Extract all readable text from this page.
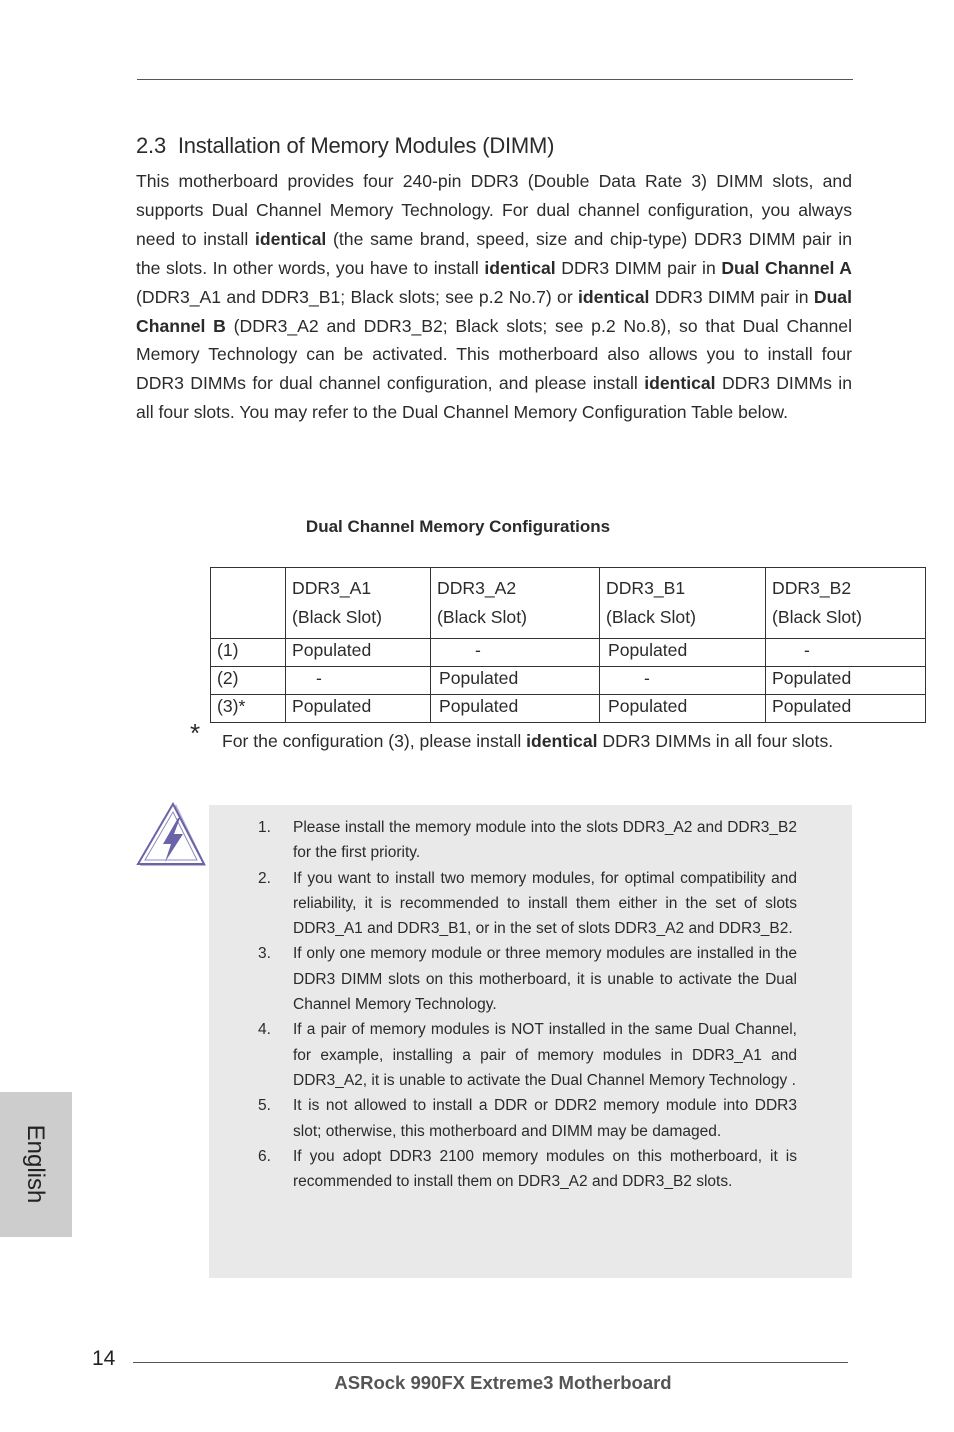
2.3 Installation of Memory Modules (DIMM)

This motherboard provides four 240-pin DDR3 (Double Data Rate 3) DIMM slots, and supports Dual Channel Memory Technology. For dual channel configuration, you always need to install identical (the same brand, speed, size and chip-type) DDR3 DIMM pair in the slots. In other words, you have to install identical DDR3 DIMM pair in Dual Channel A (DDR3_A1 and DDR3_B1; Black slots; see p.2 No.7) or identical DDR3 DIMM pair in Dual Channel B (DDR3_A2 and DDR3_B2; Black slots; see p.2 No.8), so that Dual Channel Memory Technology can be activated. This motherboard also allows you to install four DDR3 DIMMs for dual channel configuration, and please install identical DDR3 DIMMs in all four slots. You may refer to the Dual Channel Memory Configuration Table below.

Dual Channel Memory Configurations
	DDR3_A1
(Black Slot)	DDR3_A2
(Black Slot)	DDR3_B1
(Black Slot)	DDR3_B2
(Black Slot)
(1)	Populated	-	Populated	-
(2)	-	Populated	-	Populated
(3)*	Populated	Populated	Populated	Populated
* For the configuration (3), please install identical DDR3 DIMMs in all four slots.

1. Please install the memory module into the slots DDR3_A2 and DDR3_B2 for the first priority.
2. If you want to install two memory modules, for optimal compatibility and reliability, it is recommended to install them either in the set of slots DDR3_A1 and DDR3_B1, or in the set of slots DDR3_A2 and DDR3_B2.
3. If only one memory module or three memory modules are installed in the DDR3 DIMM slots on this motherboard, it is unable to activate the Dual Channel Memory Technology.
4. If a pair of memory modules is NOT installed in the same Dual Channel, for example, installing a pair of memory modules in DDR3_A1 and DDR3_A2, it is unable to activate the Dual Channel Memory Technology .
5. It is not allowed to install a DDR or DDR2 memory module into DDR3 slot; otherwise, this motherboard and DIMM may be damaged.
6. If you adopt DDR3 2100 memory modules on this motherboard, it is recommended to install them on DDR3_A2 and DDR3_B2 slots.
English
14
ASRock 990FX Extreme3 Motherboard
